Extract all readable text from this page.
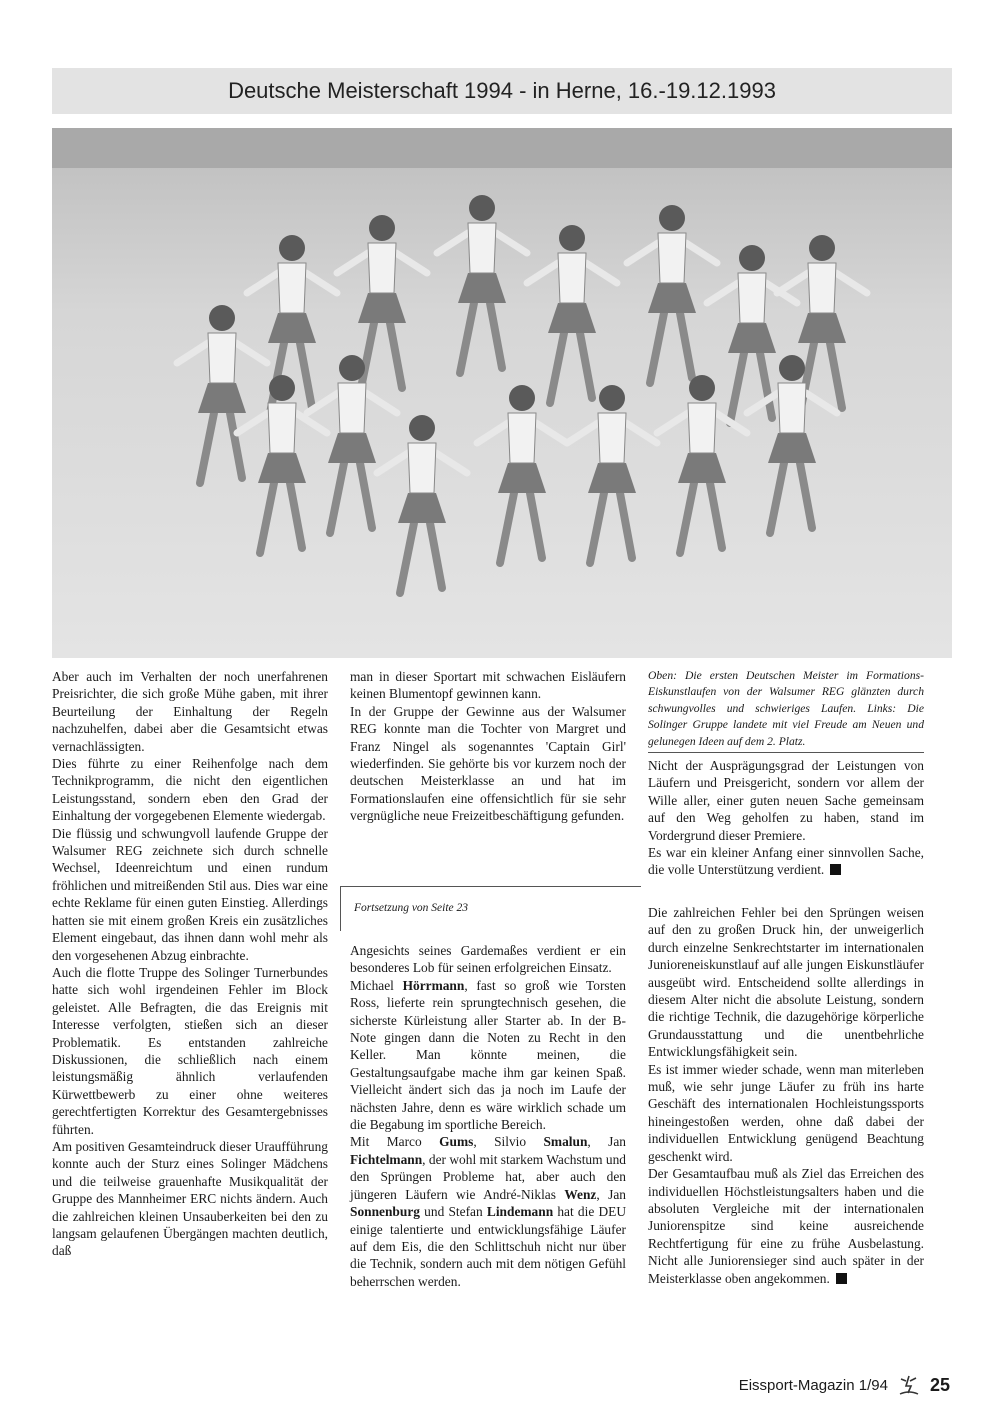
Deutsche Meisterschaft 1994 - in Herne, 16.-19.12.1993

Aber auch im Verhalten der noch unerfahrenen Preisrichter, die sich große Mühe gaben, mit ihrer Beurteilung der Einhaltung der Regeln nachzuhelfen, dabei aber die Gesamtsicht etwas vernachlässigten.

Dies führte zu einer Reihenfolge nach dem Technikprogramm, die nicht den eigentlichen Leistungsstand, sondern eben den Grad der Einhaltung der vorgegebenen Elemente wiedergab.

Die flüssig und schwungvoll laufende Gruppe der Walsumer REG zeichnete sich durch schnelle Wechsel, Ideenreichtum und einen rundum fröhlichen und mitreißenden Stil aus. Dies war eine echte Reklame für einen guten Einstieg. Allerdings hatten sie mit einem großen Kreis ein zusätzliches Element eingebaut, das ihnen dann wohl mehr als den vorgesehenen Abzug einbrachte.

Auch die flotte Truppe des Solinger Turnerbundes hatte sich wohl irgendeinen Fehler im Block geleistet. Alle Befragten, die das Ereignis mit Interesse verfolgten, stießen sich an dieser Problematik. Es entstanden zahlreiche Diskussionen, die schließlich nach einem leistungsmäßig ähnlich verlaufenden Kürwettbewerb zu einer ohne weiteres gerechtfertigten Korrektur des Gesamtergebnisses führten.

Am positiven Gesamteindruck dieser Uraufführung konnte auch der Sturz eines Solinger Mädchens und die teilweise grauenhafte Musikqualität der Gruppe des Mannheimer ERC nichts ändern. Auch die zahlreichen kleinen Unsauberkeiten bei den zu langsam gelaufenen Übergängen machten deutlich, daß

man in dieser Sportart mit schwachen Eisläufern keinen Blumentopf gewinnen kann.

In der Gruppe der Gewinne aus der Walsumer REG konnte man die Tochter von Margret und Franz Ningel als sogenanntes 'Captain Girl' wiederfinden. Sie gehörte bis vor kurzem noch der deutschen Meisterklasse an und hat im Formationslaufen eine offensichtlich für sie sehr vergnügliche neue Freizeitbeschäftigung gefunden.

Oben: Die ersten Deutschen Meister im Formations-Eiskunstlaufen von der Walsumer REG glänzten durch schwungvolles und schwieriges Laufen. Links: Die Solinger Gruppe landete mit viel Freude am Neuen und gelunegen Ideen auf dem 2. Platz.

Nicht der Ausprägungsgrad der Leistungen von Läufern und Preisgericht, sondern vor allem der Wille aller, einer guten neuen Sache gemeinsam auf den Weg geholfen zu haben, stand im Vordergrund dieser Premiere.

Es war ein kleiner Anfang einer sinnvollen Sache, die volle Unterstützung verdient.

Fortsetzung von Seite 23

Angesichts seines Gardemaßes verdient er ein besonderes Lob für seinen erfolgreichen Einsatz.

Michael Hörrmann, fast so groß wie Torsten Ross, lieferte rein sprungtechnisch gesehen, die sicherste Kürleistung aller Starter ab. In der B-Note gingen dann die Noten zu Recht in den Keller. Man könnte meinen, die Gestaltungsaufgabe mache ihm gar keinen Spaß. Vielleicht ändert sich das ja noch im Laufe der nächsten Jahre, denn es wäre wirklich schade um die Begabung im sportliche Bereich.

Mit Marco Gums, Silvio Smalun, Jan Fichtelmann, der wohl mit starkem Wachstum und den Sprüngen Probleme hat, aber auch den jüngeren Läufern wie André-Niklas Wenz, Jan Sonnenburg und Stefan Lindemann hat die DEU einige talentierte und entwicklungsfähige Läufer auf dem Eis, die den Schlittschuh nicht nur über die Technik, sondern auch mit dem nötigen Gefühl beherrschen werden.

Die zahlreichen Fehler bei den Sprüngen weisen auf den zu großen Druck hin, der unweigerlich durch einzelne Senkrechtstarter im internationalen Junioreneiskunstlauf auf alle jungen Eiskunstläufer ausgeübt wird. Entscheidend sollte allerdings in diesem Alter nicht die absolute Leistung, sondern die richtige Technik, die dazugehörige körperliche Grundausstattung und die unentbehrliche Entwicklungsfähigkeit sein.

Es ist immer wieder schade, wenn man miterleben muß, wie sehr junge Läufer zu früh ins harte Geschäft des internationalen Hochleistungssports hineingestoßen werden, ohne daß dabei der individuellen Entwicklung genügend Beachtung geschenkt wird.

Der Gesamtaufbau muß als Ziel das Erreichen des individuellen Höchstleistungsalters haben und die absoluten Vergleiche mit der internationalen Juniorenspitze sind keine ausreichende Rechtfertigung für eine zu frühe Ausbelastung. Nicht alle Juniorensieger sind auch später in der Meisterklasse oben angekommen.

Eissport-Magazin 1/94 25
